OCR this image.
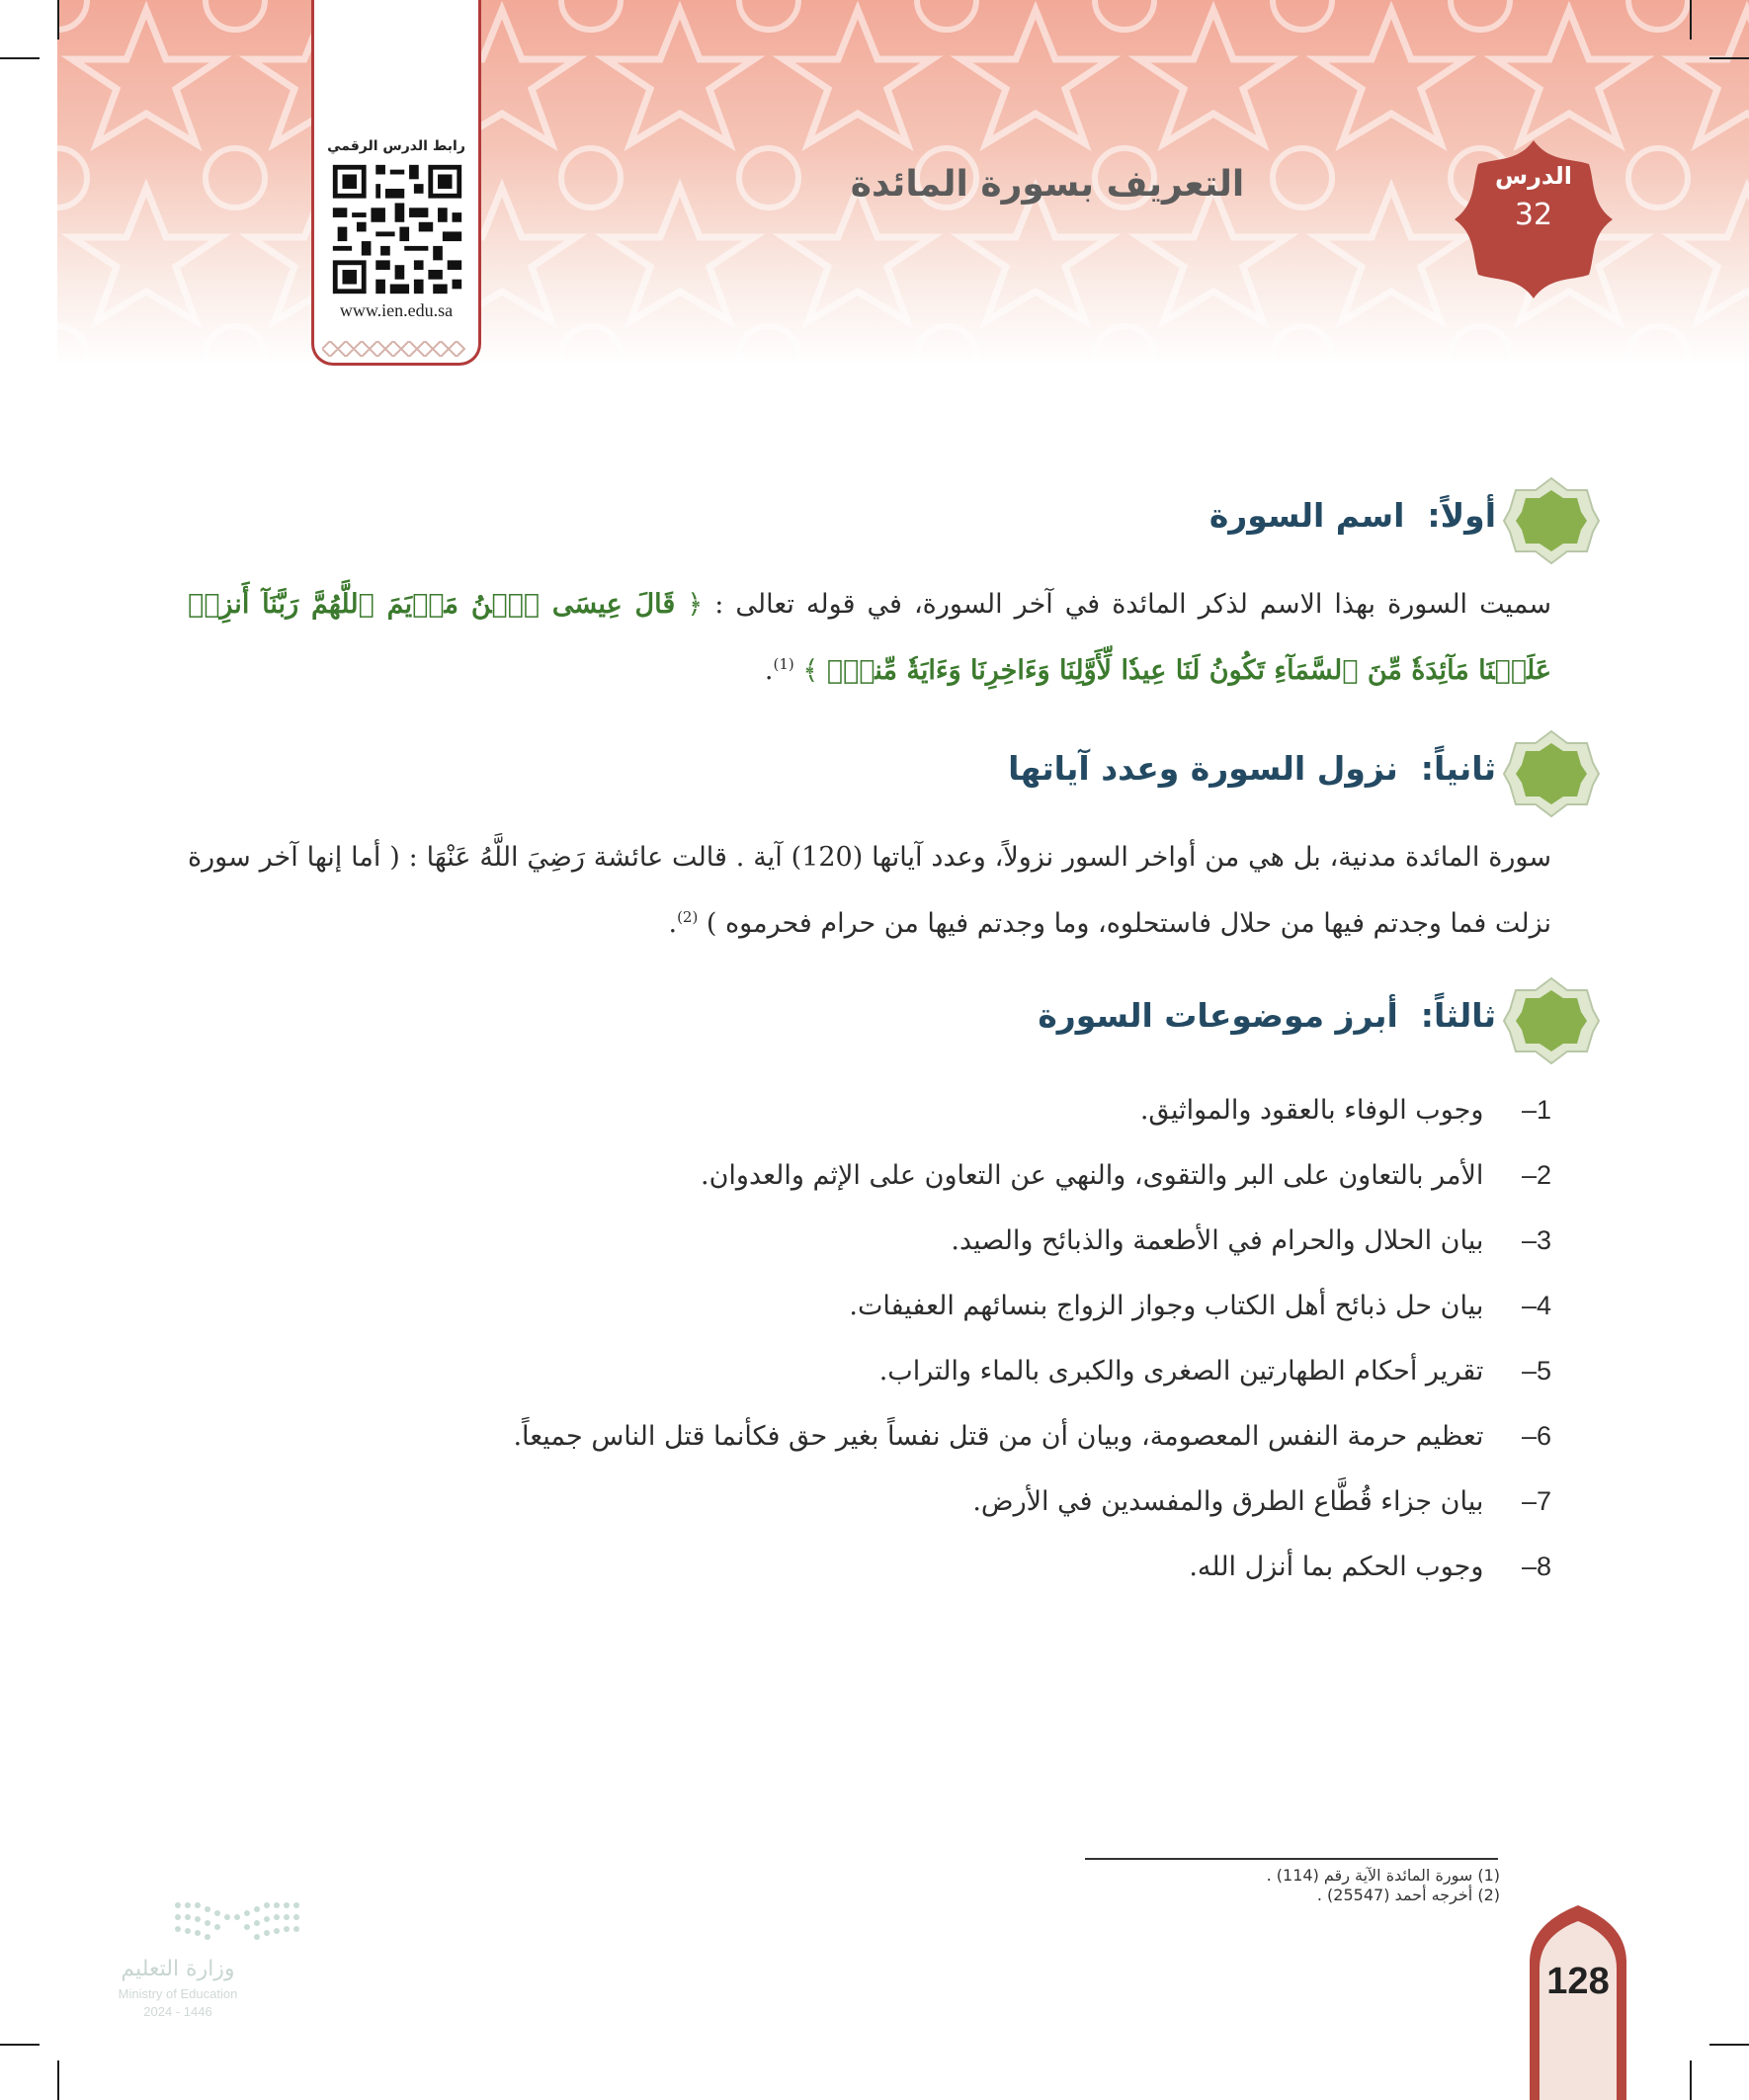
رابط الدرس الرقمي
www.ien.edu.sa
التعريف بسورة المائدة	الدرس
32
أولاً:  اسم السورة
سميت السورة بهذا الاسم لذكر المائدة في آخر السورة، في قوله تعالى : ﴿ قَالَ عِيسَى ٱبۡنُ مَرۡيَمَ ٱللَّهُمَّ رَبَّنَآ أَنزِلۡ عَلَيۡنَا مَآئِدَةٗ مِّنَ ٱلسَّمَآءِ تَكُونُ لَنَا عِيدٗا لِّأَوَّلِنَا وَءَاخِرِنَا وَءَايَةٗ مِّنكَۖ ﴾ $^{(1)}$.
ثانياً:  نزول السورة وعدد آياتها
سورة المائدة مدنية، بل هي من أواخر السور نزولاً، وعدد آياتها (120) آية . قالت عائشة رَضِيَ اللَّهُ عَنْهَا : ( أما إنها آخر سورة نزلت فما وجدتم فيها من حلال فاستحلوه، وما وجدتم فيها من حرام فحرموه ) $^{(2)}$.
ثالثاً:  أبرز موضوعات السورة
1– وجوب الوفاء بالعقود والمواثيق.
2– الأمر بالتعاون على البر والتقوى، والنهي عن التعاون على الإثم والعدوان.
3– بيان الحلال والحرام في الأطعمة والذبائح والصيد.
4– بيان حل ذبائح أهل الكتاب وجواز الزواج بنسائهم العفيفات.
5– تقرير أحكام الطهارتين الصغرى والكبرى بالماء والتراب.
6– تعظيم حرمة النفس المعصومة، وبيان أن من قتل نفساً بغير حق فكأنما قتل الناس جميعاً.
7– بيان جزاء قُطَّاع الطرق والمفسدين في الأرض.
8– وجوب الحكم بما أنزل الله.
(1) سورة المائدة الآية رقم (114) .
(2) أخرجه أحمد (25547) .
وزارة التعليم
Ministry of Education
2024 - 1446
128
